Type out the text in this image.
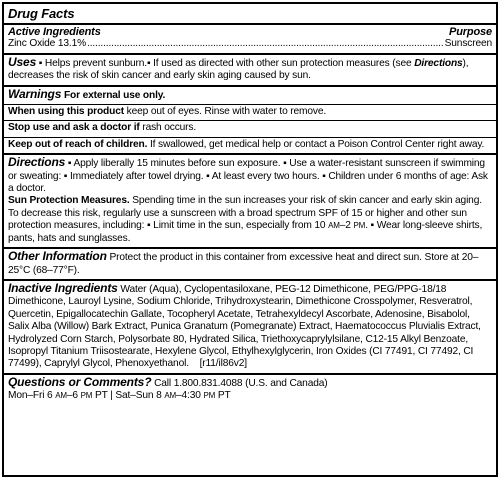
Drug Facts
Active Ingredients	Purpose
Zinc Oxide 13.1%
.....	Sunscreen
Uses ▪ Helps prevent sunburn.▪ If used as directed with other sun protection measures (see Directions), decreases the risk of skin cancer and early skin aging caused by sun.
Warnings For external use only.
When using this product keep out of eyes. Rinse with water to remove.
Stop use and ask a doctor if rash occurs.
Keep out of reach of children. If swallowed, get medical help or contact a Poison Control Center right away.
Directions ▪ Apply liberally 15 minutes before sun exposure. ▪ Use a water-resistant sunscreen if swimming or sweating: ▪ Immediately after towel drying. ▪ At least every two hours. ▪ Children under 6 months of age: Ask a doctor.
Sun Protection Measures. Spending time in the sun increases your risk of skin cancer and early skin aging. To decrease this risk, regularly use a sunscreen with a broad spectrum SPF of 15 or higher and other sun protection measures, including: ▪ Limit time in the sun, especially from 10 AM–2 PM. ▪ Wear long-sleeve shirts, pants, hats and sunglasses.
Other Information Protect the product in this container from excessive heat and direct sun. Store at 20–25°C (68–77°F).
Inactive Ingredients Water (Aqua), Cyclopentasiloxane, PEG-12 Dimethicone, PEG/PPG-18/18 Dimethicone, Lauroyl Lysine, Sodium Chloride, Trihydroxystearin, Dimethicone Crosspolymer, Resveratrol, Quercetin, Epigallocatechin Gallate, Tocopheryl Acetate, Tetrahexyldecyl Ascorbate, Adenosine, Bisabolol, Salix Alba (Willow) Bark Extract, Punica Granatum (Pomegranate) Extract, Haematococcus Pluvialis Extract, Hydrolyzed Corn Starch, Polysorbate 80, Hydrated Silica, Triethoxycaprylylsilane, C12-15 Alkyl Benzoate, Isopropyl Titanium Triisostearate, Hexylene Glycol, Ethylhexylglycerin, Iron Oxides (CI 77491, CI 77492, CI 77499), Caprylyl Glycol, Phenoxyethanol. [r11/il86v2]
Questions or Comments? Call 1.800.831.4088 (U.S. and Canada)
Mon–Fri 6 AM–6 PM PT | Sat–Sun 8 AM–4:30 PM PT
